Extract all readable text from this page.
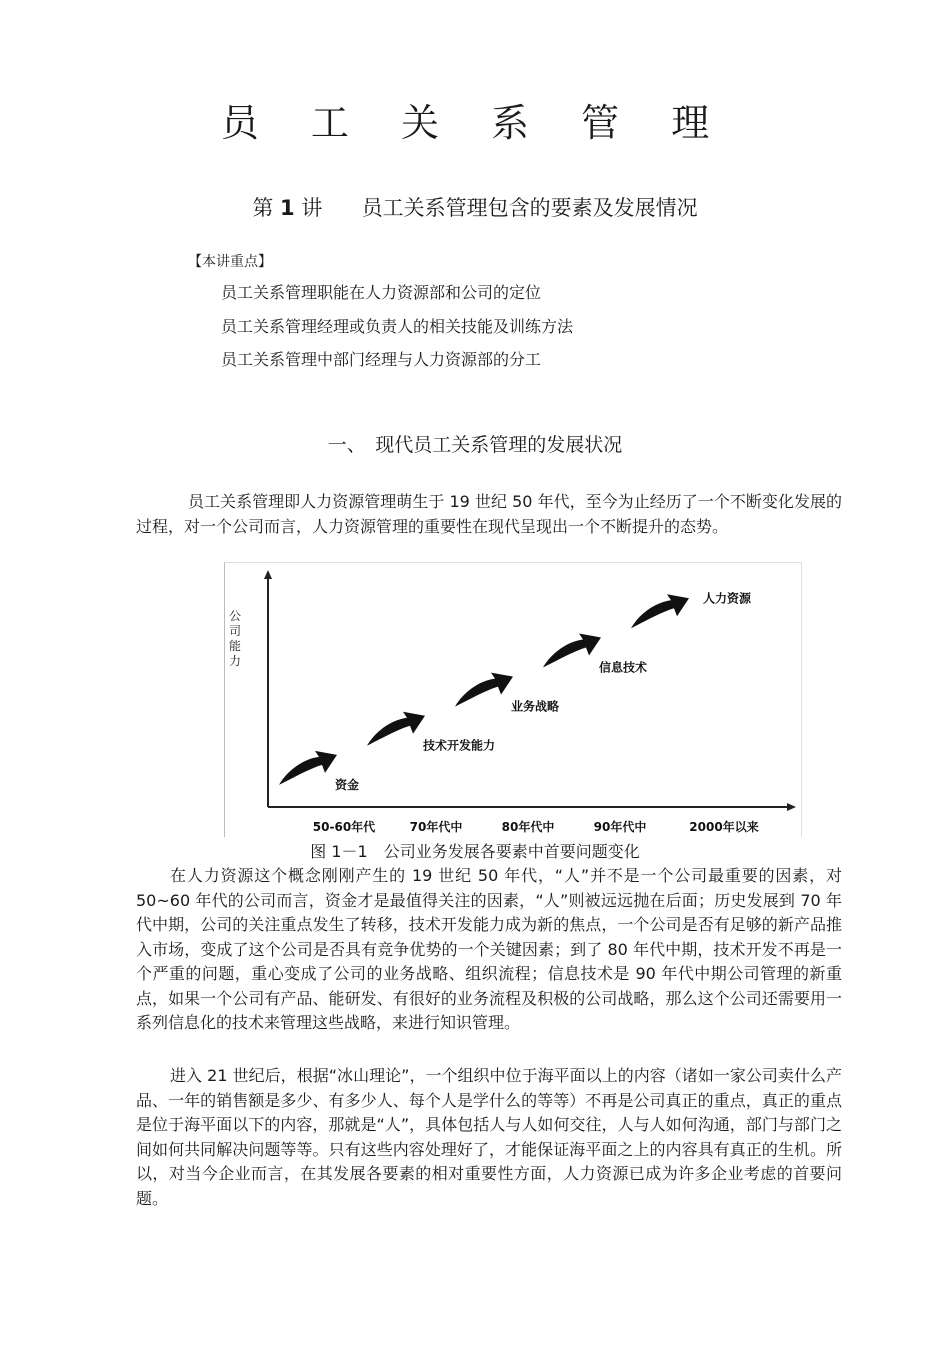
员 工 关 系 管 理
第 1 讲 员工关系管理包含的要素及发展情况
【本讲重点】
员工关系管理职能在人力资源部和公司的定位
员工关系管理经理或负责人的相关技能及训练方法
员工关系管理中部门经理与人力资源部的分工
一、　现代员工关系管理的发展状况
员工关系管理即人力资源管理萌生于 19 世纪 50 年代，至今为止经历了一个不断变化发展的过程，对一个公司而言，人力资源管理的重要性在现代呈现出一个不断提升的态势。
公
司
能
力
资金
技术开发能力
业务战略
信息技术
人力资源
50-60年代	70年代中	80年代中	90年代中	2000年以来
图 1－1　公司业务发展各要素中首要问题变化
在人力资源这个概念刚刚产生的 19 世纪 50 年代，“人”并不是一个公司最重要的因素，对 50~60 年代的公司而言，资金才是最值得关注的因素，“人”则被远远抛在后面；历史发展到 70 年代中期，公司的关注重点发生了转移，技术开发能力成为新的焦点，一个公司是否有足够的新产品推入市场，变成了这个公司是否具有竞争优势的一个关键因素；到了 80 年代中期，技术开发不再是一个严重的问题，重心变成了公司的业务战略、组织流程；信息技术是 90 年代中期公司管理的新重点，如果一个公司有产品、能研发、有很好的业务流程及积极的公司战略，那么这个公司还需要用一系列信息化的技术来管理这些战略，来进行知识管理。
进入 21 世纪后，根据“冰山理论”，一个组织中位于海平面以上的内容（诸如一家公司卖什么产品、一年的销售额是多少、有多少人、每个人是学什么的等等）不再是公司真正的重点，真正的重点是位于海平面以下的内容，那就是“人”，具体包括人与人如何交往，人与人如何沟通，部门与部门之间如何共同解决问题等等。只有这些内容处理好了，才能保证海平面之上的内容具有真正的生机。所以，对当今企业而言，在其发展各要素的相对重要性方面，人力资源已成为许多企业考虑的首要问题。
